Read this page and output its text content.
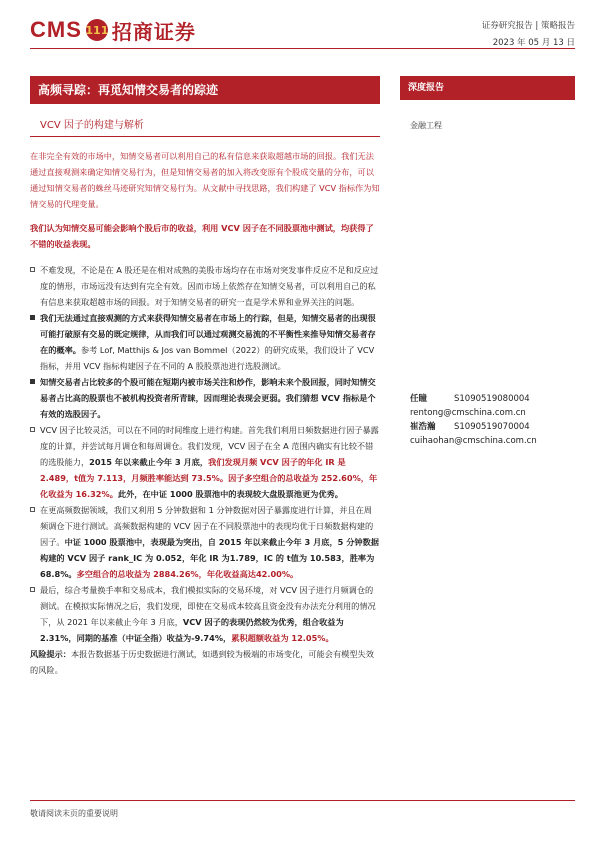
CMS 111 招商证券	证券研究报告 | 策略报告
2023 年 05 月 13 日
高频寻踪：再觅知情交易者的踪迹
VCV 因子的构建与解析
深度报告
金融工程
任瞳	S1090519080004
rentong@cmschina.com.cn
崔浩瀚 S1090519070004
cuihaohan@cmschina.com.cn
在非完全有效的市场中，知情交易者可以利用自己的私有信息来获取超越市场的回报。我们无法通过直接观测来确定知情交易行为，但是知情交易者的加入将改变原有个股成交量的分布，可以通过知情交易者的蛛丝马迹研究知情交易行为。从文献中寻找思路，我们构建了 VCV 指标作为知情交易的代理变量。
我们认为知情交易可能会影响个股后市的收益，利用 VCV 因子在不同股票池中测试，均获得了不错的收益表现。
不难发现，不论是在 A 股还是在相对成熟的美股市场均存在市场对突发事件反应不足和反应过度的情形，市场远没有达到有完全有效。因而市场上依然存在知情交易者，可以利用自己的私有信息来获取超越市场的回报。对于知情交易者的研究一直是学术界和业界关注的问题。
我们无法通过直接观测的方式来获得知情交易者在市场上的行踪，但是，知情交易者的出现很可能打破原有交易的既定规律，从而我们可以通过观测交易流的不平衡性来推导知情交易者存在的概率。参考 Lof, Matthijs & Jos van Bommel（2022）的研究成果，我们设计了 VCV 指标，并用 VCV 指标构建因子在不同的 A 股股票池进行选股测试。
知情交易者占比较多的个股可能在短期内被市场关注和炒作，影响未来个股回报，同时知情交易者占比高的股票也不被机构投资者所青睐，因而理论表现会更弱。我们猜想 VCV 指标是个有效的选股因子。
VCV 因子比较灵活，可以在不同的时间维度上进行构建。首先我们利用日频数据进行因子暴露度的计算，并尝试每月调仓和每周调仓。我们发现，VCV 因子在全 A 范围内确实有比较不错的选股能力，2015 年以来截止今年 3 月底，我们发现月频 VCV 因子的年化 IR 是 2.489，t值为 7.113，月频胜率能达到 73.5%。因子多空组合的总收益为 252.60%，年化收益为 16.32%。此外，在中证 1000 股票池中的表现较大盘股票池更为优秀。
在更高频数据领域，我们又利用 5 分钟数据和 1 分钟数据对因子暴露度进行计算，并且在周频调仓下进行测试。高频数据构建的 VCV 因子在不同股票池中的表现均优于日频数据构建的因子。中证 1000 股票池中，表现最为突出，自 2015 年以来截止今年 3 月底，5 分钟数据构建的 VCV 因子 rank_IC 为 0.052，年化 IR 为1.789，IC 的 t值为 10.583，胜率为68.8%。多空组合的总收益为 2884.26%，年化收益高达42.00%。
最后，综合考量换手率和交易成本，我们模拟实际的交易环境，对 VCV 因子进行月频调仓的测试。在模拟实际情况之后，我们发现，即使在交易成本较高且资金没有办法充分利用的情况下，从 2021 年以来截止今年 3 月底，VCV 因子的表现仍然较为优秀，组合收益为 2.31%，同期的基准（中证全指）收益为-9.74%，累积超额收益为 12.05%。
风险提示：本报告数据基于历史数据进行测试，如遇到较为极端的市场变化，可能会有模型失效的风险。
敬请阅读末页的重要说明
